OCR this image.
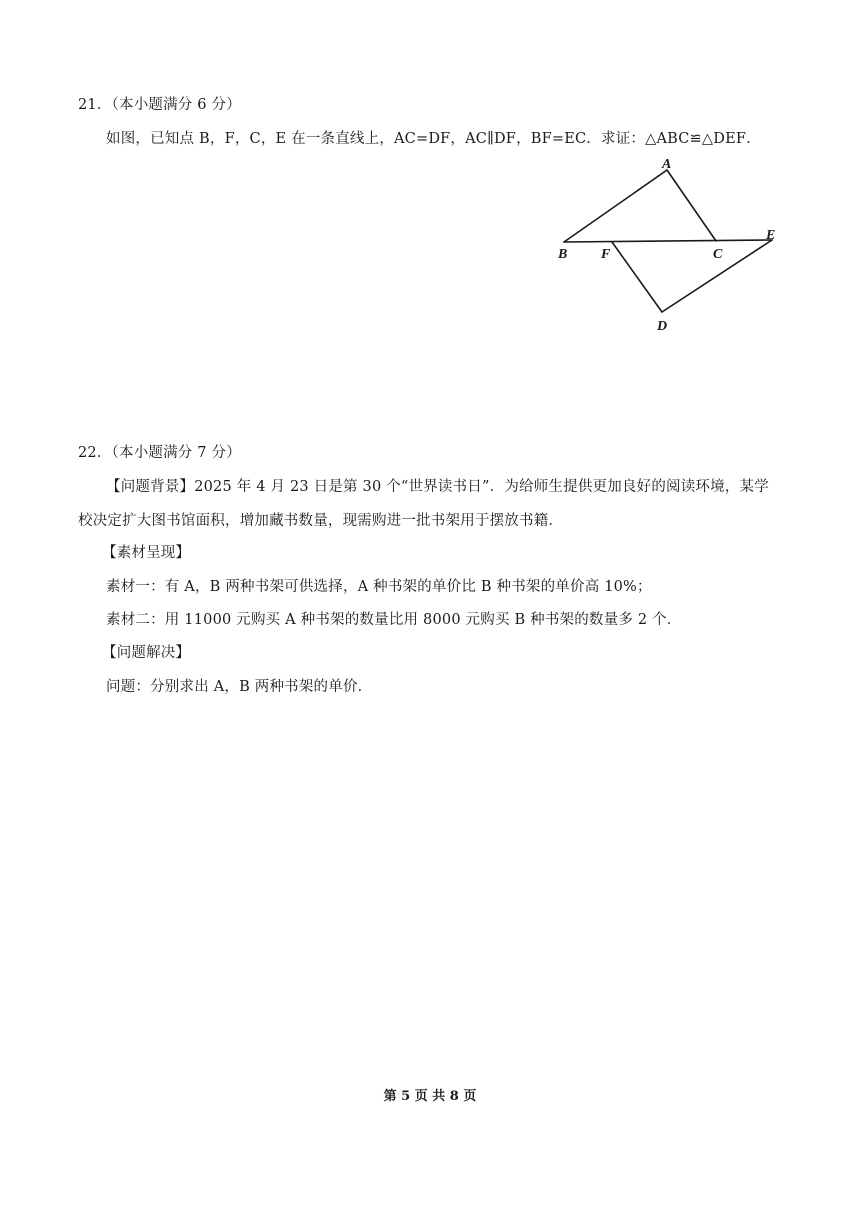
21．（本小题满分 6 分）
如图，已知点 B，F，C，E 在一条直线上，AC=DF，AC∥DF，BF=EC．求证：△ABC≌△DEF．
A
B F	C
E
D
22．（本小题满分 7 分）
【问题背景】2025 年 4 月 23 日是第 30 个“世界读书日”．为给师生提供更加良好的阅读环境，某学
校决定扩大图书馆面积，增加藏书数量，现需购进一批书架用于摆放书籍．
【素材呈现】
素材一：有 A，B 两种书架可供选择，A 种书架的单价比 B 种书架的单价高 10%；
素材二：用 11000 元购买 A 种书架的数量比用 8000 元购买 B 种书架的数量多 2 个．
【问题解决】
问题：分别求出 A，B 两种书架的单价．
第 5 页 共 8 页
